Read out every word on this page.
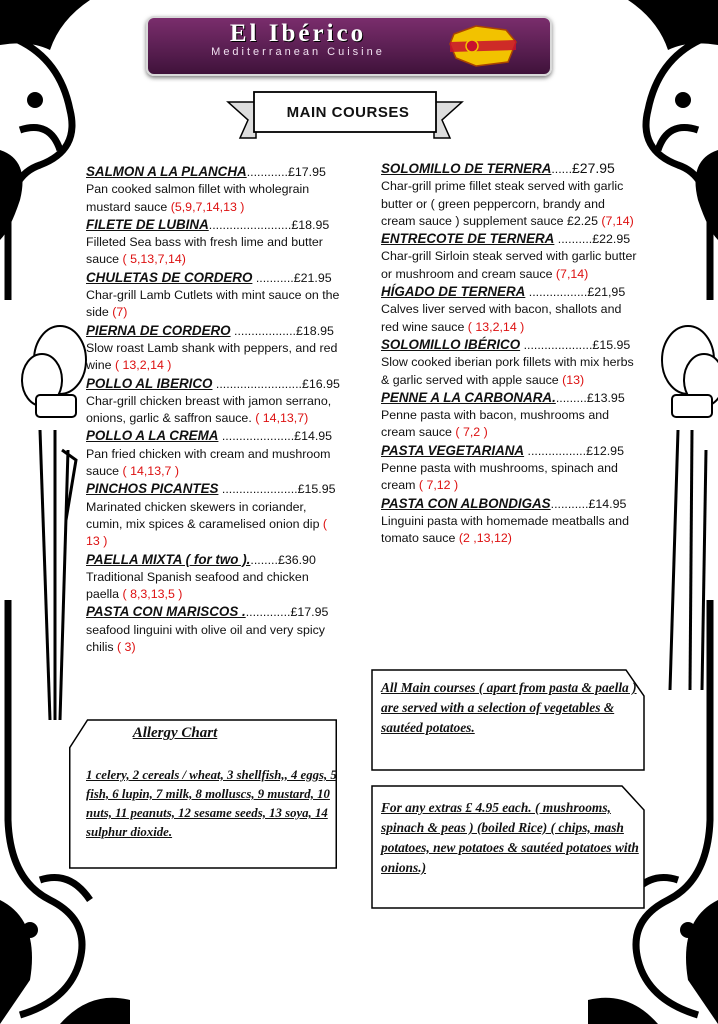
El Ibérico
Mediterranean Cuisine
MAIN COURSES
SALMON A LA PLANCHA............£17.95
Pan cooked salmon fillet with wholegrain mustard sauce (5,9,7,14,13 )
FILETE DE LUBINA........................£18.95
Filleted Sea bass with fresh lime and butter sauce ( 5,13,7,14)
CHULETAS DE CORDERO ...........£21.95
Char-grill Lamb Cutlets with mint sauce on the side (7)
PIERNA DE CORDERO ..................£18.95
Slow roast Lamb shank with peppers, and red wine ( 13,2,14 )
POLLO AL IBERICO .........................£16.95
Char-grill chicken breast with jamon serrano, onions, garlic & saffron sauce. ( 14,13,7)
POLLO A LA CREMA .....................£14.95
Pan fried chicken with cream and mushroom sauce ( 14,13,7 )
PINCHOS PICANTES ......................£15.95
Marinated chicken skewers in coriander, cumin, mix spices & caramelised onion dip ( 13 )
PAELLA MIXTA ( for two ).........£36.90
Traditional Spanish seafood and chicken paella ( 8,3,13,5 )
PASTA CON MARISCOS ..............£17.95
seafood linguini with olive oil and very spicy chilis ( 3)
SOLOMILLO DE TERNERA......£27.95
Char-grill prime fillet steak served with garlic butter or ( green peppercorn, brandy and cream sauce ) supplement sauce £2.25 (7,14)
ENTRECOTE DE TERNERA ..........£22.95
Char-grill Sirloin steak served with garlic butter or mushroom and cream sauce (7,14)
HÍGADO DE TERNERA .................£21,95
Calves liver served with bacon, shallots and red wine sauce ( 13,2,14 )
SOLOMILLO IBÉRICO ....................£15.95
Slow cooked iberian pork fillets with mix herbs & garlic served with apple sauce (13)
PENNE A LA CARBONARA..........£13.95
Penne pasta with bacon, mushrooms and cream sauce ( 7,2 )
PASTA VEGETARIANA .................£12.95
Penne pasta with mushrooms, spinach and cream ( 7,12 )
PASTA CON ALBONDIGAS...........£14.95
Linguini pasta with homemade meatballs and tomato sauce (2 ,13,12)
Allergy Chart
1 celery, 2 cereals / wheat, 3 shellfish,, 4 eggs, 5 fish, 6 lupin, 7 milk, 8 molluscs, 9 mustard, 10 nuts, 11 peanuts, 12 sesame seeds, 13 soya, 14 sulphur dioxide.
All Main courses ( apart from pasta & paella ) are served with a selection of vegetables & sautéed potatoes.
For any extras £ 4.95 each. ( mushrooms, spinach & peas ) (boiled Rice) ( chips, mash potatoes, new potatoes & sautéed potatoes with onions.)
